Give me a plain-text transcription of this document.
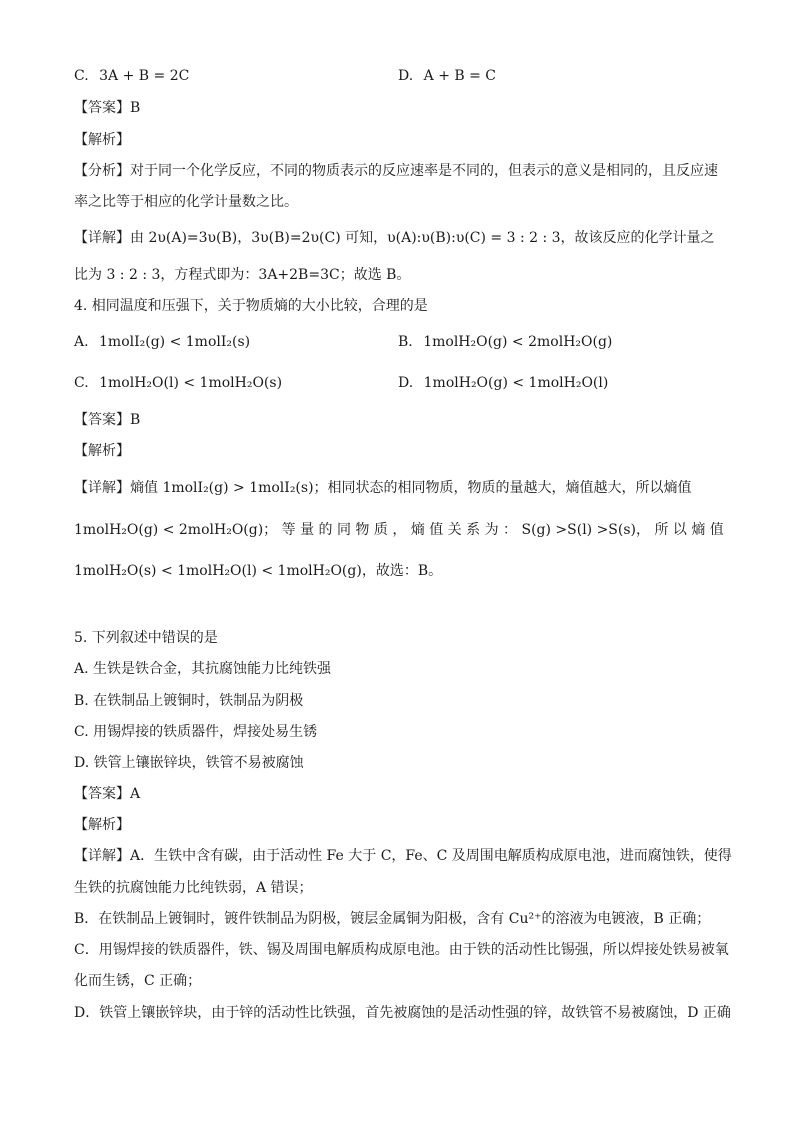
C. 3A + B = 2C	D. A + B = C
【答案】B
【解析】
【分析】对于同一个化学反应，不同的物质表示的反应速率是不同的，但表示的意义是相同的，且反应速
率之比等于相应的化学计量数之比。
【详解】由 2υ(A)=3υ(B)，3υ(B)=2υ(C) 可知，υ(A):υ(B):υ(C) = 3 : 2 : 3，故该反应的化学计量之
比为 3 : 2 : 3，方程式即为：3A+2B=3C；故选 B。
4. 相同温度和压强下，关于物质熵的大小比较，合理的是
A. 1molI₂(g) < 1molI₂(s)	B. 1molH₂O(g) < 2molH₂O(g)
C. 1molH₂O(l) < 1molH₂O(s)	D. 1molH₂O(g) < 1molH₂O(l)
【答案】B
【解析】
【详解】熵值 1molI₂(g) > 1molI₂(s)；相同状态的相同物质，物质的量越大，熵值越大，所以熵值
1molH₂O(g) < 2molH₂O(g)； 等 量 的 同 物 质 ， 熵 值 关 系 为 ： S(g) >S(l) >S(s)， 所 以 熵 值
1molH₂O(s) < 1molH₂O(l) < 1molH₂O(g)，故选：B。
5. 下列叙述中错误的是
A. 生铁是铁合金，其抗腐蚀能力比纯铁强
B. 在铁制品上镀铜时，铁制品为阴极
C. 用锡焊接的铁质器件，焊接处易生锈
D. 铁管上镶嵌锌块，铁管不易被腐蚀
【答案】A
【解析】
【详解】A．生铁中含有碳，由于活动性 Fe 大于 C，Fe、C 及周围电解质构成原电池，进而腐蚀铁，使得
生铁的抗腐蚀能力比纯铁弱，A 错误；
B．在铁制品上镀铜时，镀件铁制品为阴极，镀层金属铜为阳极，含有 Cu²⁺的溶液为电镀液，B 正确；
C．用锡焊接的铁质器件，铁、锡及周围电解质构成原电池。由于铁的活动性比锡强，所以焊接处铁易被氧
化而生锈，C 正确；
D．铁管上镶嵌锌块，由于锌的活动性比铁强，首先被腐蚀的是活动性强的锌，故铁管不易被腐蚀，D 正确
